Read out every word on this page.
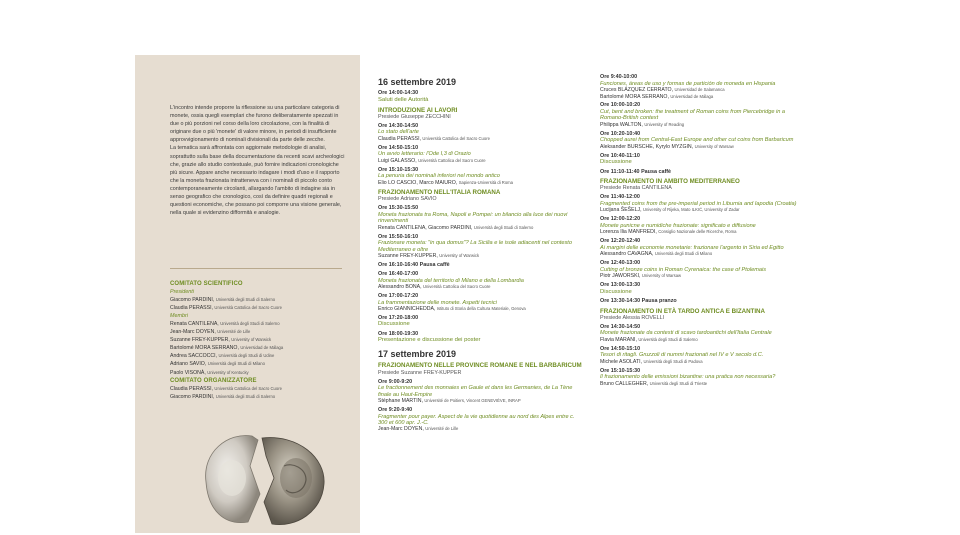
L'incontro intende proporre la riflessione su una particolare categoria di monete, ossia quegli esemplari che furono deliberatamente spezzati in due o più porzioni nel corso della loro circolazione, con la finalità di originare due o più 'monete' di valore minore, in periodi di insufficiente approvvigionamento di nominali divisionali da parte delle zecche.

La tematica sarà affrontata con aggiornate metodologie di analisi, soprattutto sulla base della documentazione da recenti scavi archeologici che, grazie allo studio contestuale, può fornire indicazioni cronologiche più sicure. Appare anche necessario indagare i modi d'uso e il rapporto che la moneta frazionata intratteneva con i nominali di piccolo conto contemporaneamente circolanti, allargando l'ambito di indagine sia in senso geografico che cronologico, così da definire quadri regionali e questioni economiche, che possano poi comporre una visione generale, nella quale si evidenzino difformità e analogie.

COMITATO SCIENTIFICO
Presidenti
Giacomo PARDINI, Università degli Studi di Salerno
Claudia PERASSI, Università Cattolica del Sacro Cuore
Membri
Renata CANTILENA, Università degli Studi di Salerno
Jean-Marc DOYEN, Université de Lille
Suzanne FREY-KUPPER, University of Warwick
Bartolomé MORA SERRANO, Universidad de Málaga
Andrea SACCOCCI, Università degli Studi di Udine
Adriano SAVIO, Università degli Studi di Milano
Paolo VISONÀ, University of Kentucky
COMITATO ORGANIZZATORE
Claudia PERASSI, Università Cattolica del Sacro Cuore
Giacomo PARDINI, Università degli Studi di Salerno
16 settembre 2019
Ore 14:00-14:30
Saluti delle Autorità
INTRODUZIONE AI LAVORI
Presiede Giuseppe ZECCHINI
Ore 14:30-14:50
Lo stato dell'arte
Claudia PERASSI, Università Cattolica del Sacro Cuore
Ore 14:50-15:10
Un avvio letterario: l'Ode I,3 di Orazio
Luigi GALASSO, Università Cattolica del Sacro Cuore
Ore 15:10-15:30
La penuria dei nominali inferiori nel mondo antico
Elio LO CASCIO, Marco MAIURO, Sapienza-Università di Roma
FRAZIONAMENTO NELL'ITALIA ROMANA
Presiede Adriano SAVIO
Ore 15:30-15:50
Moneta frazionata tra Roma, Napoli e Pompei: un bilancio alla luce dei nuovi rinvenimenti
Renata CANTILENA, Giacomo PARDINI, Università degli Studi di Salerno
Ore 15:50-16:10
Frazionare moneta: "in qua domus"? La Sicilia e le isole adiacenti nel contesto Mediterraneo e oltre
Suzanne FREY-KUPPER, University of Warwick
Ore 16:10-16:40 Pausa caffè
Ore 16:40-17:00
Moneta frazionata del territorio di Milano e della Lombardia
Alessandro BONA, Università Cattolica del Sacro Cuore
Ore 17:00-17:20
La frammentazione delle monete. Aspetti tecnici
Enrico GIANNICHEDDA, Istituto di Storia della Cultura Materiale, Genova
Ore 17:20-18:00
Discussione
Ore 18:00-19:30
Presentazione e discussione dei poster
17 settembre 2019
FRAZIONAMENTO NELLE PROVINCE ROMANE E NEL BARBARICUM
Presiede Suzanne FREY-KUPPER
Ore 9:00-9:20
Le fractionnement des monnaies en Gaule et dans les Germanies, de La Tène finale au Haut-Empire
Stéphane MARTIN, Université de Poitiers, Vincent GENEVIÈVE, INRAP
Ore 9:20-9:40
Fragmenter pour payer. Aspect de la vie quotidienne au nord des Alpes entre c. 300 et 600 apr. J.-C.
Jean-Marc DOYEN, Université de Lille
Ore 9:40-10:00
Funciones, áreas de uso y formas de partición de moneda en Hispania
Cruces BLÁZQUEZ CERRATO, Universidad de Salamanca
Bartolomé MORA SERRANO, Universidad de Málaga
Ore 10:00-10:20
Cut, bent and broken: the treatment of Roman coins from Piercebridge in a Romano-British context
Philippa WALTON, University of Reading
Ore 10:20-10:40
Chopped aurei from Central-East Europe and other cut coins from Barbaricum
Aleksander BURSCHE, Kyrylo MYZGIN, University of Warsaw
Ore 10:40-11:10
Discussione
Ore 11:10-11:40 Pausa caffè
FRAZIONAMENTO IN AMBITO MEDITERRANEO
Presiede Renata CANTILENA
Ore 11:40-12:00
Fragmented coins from the pre-imperial period in Liburnia and Iapodia (Croatia)
Lucijana ŠEŠELJ, University of Rijeka, Mato ILKIĆ, University of Zadar
Ore 12:00-12:20
Monete punicne e numidiche frazionate: significato e diffusione
Lorenza Ilia MANFREDI, Consiglio Nazionale delle Ricerche, Roma
Ore 12:20-12:40
Ai margini delle economie monetarie: frazionare l'argento in Siria ed Egitto
Alessandro CAVAGNA, Università degli Studi di Milano
Ore 12:40-13:00
Cutting of bronze coins in Roman Cyrenaica: the case of Ptolemais
Piotr JAWORSKI, University of Warsaw
Ore 13:00-13:30
Discussione
Ore 13:30-14:30 Pausa pranzo
FRAZIONAMENTO IN ETÀ TARDO ANTICA E BIZANTINA
Presiede Alessia ROVELLI
Ore 14:30-14:50
Monete frazionate da contesti di scavo tardoantichi dell'Italia Centrale
Flavia MARANI, Università degli Studi di Salerno
Ore 14:50-15:10
Tesori di ritagli. Gruzzoli di nummi frazionati nel IV e V secolo d.C.
Michele ASOLATI, Università degli Studi di Padova
Ore 15:10-15:30
Il frazionamento delle emissioni bizantine: una pratica non necessaria?
Bruno CALLEGHER, Università degli Studi di Trieste
